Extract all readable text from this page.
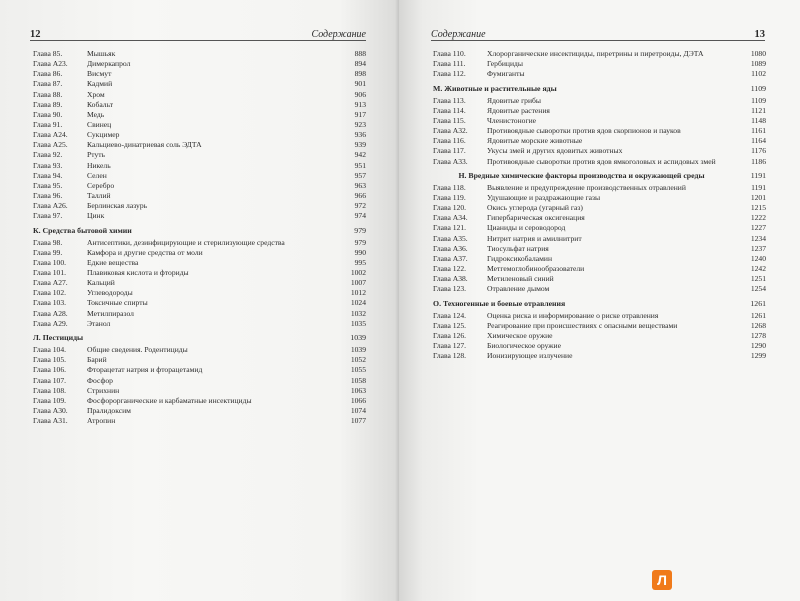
12	Содержание
Глава 85.	Мышьяк	888
Глава А23.	Димеркапрол	894
Глава 86.	Висмут	898
Глава 87.	Кадмий	901
Глава 88.	Хром	906
Глава 89.	Кобальт	913
Глава 90.	Медь	917
Глава 91.	Свинец	923
Глава А24.	Сукцимер	936
Глава А25.	Кальциево-динатриевая соль ЭДТА	939
Глава 92.	Ртуть	942
Глава 93.	Никель	951
Глава 94.	Селен	957
Глава 95.	Серебро	963
Глава 96.	Таллий	966
Глава А26.	Берлинская лазурь	972
Глава 97.	Цинк	974
К. Средства бытовой химии	979
Глава 98.	Антисептики, дезинфицирующие и стерилизующие средства	979
Глава 99.	Камфора и другие средства от моли	990
Глава 100.	Едкие вещества	995
Глава 101.	Плавиковая кислота и фториды	1002
Глава А27.	Кальций	1007
Глава 102.	Углеводороды	1012
Глава 103.	Токсичные спирты	1024
Глава А28.	Метилпиразол	1032
Глава А29.	Этанол	1035
Л. Пестициды	1039
Глава 104.	Общие сведения. Родентициды	1039
Глава 105.	Барий	1052
Глава 106.	Фторацетат натрия и фторацетамид	1055
Глава 107.	Фосфор	1058
Глава 108.	Стрихнин	1063
Глава 109.	Фосфорорганические и карбаматные инсектициды	1066
Глава А30.	Пралидоксим	1074
Глава А31.	Атропин	1077
Содержание	13
Глава 110.	Хлорорганические инсектициды, пиретрины и пиретроиды, ДЭТА	1080
Глава 111.	Гербициды	1089
Глава 112.	Фумиганты	1102
М. Животные и растительные яды	1109
Глава 113.	Ядовитые грибы	1109
Глава 114.	Ядовитые растения	1121
Глава 115.	Членистоногие	1148
Глава А32.	Противоядные сыворотки против ядов скорпионов и пауков	1161
Глава 116.	Ядовитые морские животные	1164
Глава 117.	Укусы змей и других ядовитых животных	1176
Глава А33.	Противоядные сыворотки против ядов ямкоголовых и аспидовых змей	1186
Н. Вредные химические факторы производства и окружающей среды	1191
Глава 118.	Выявление и предупреждение производственных отравлений	1191
Глава 119.	Удушающие и раздражающие газы	1201
Глава 120.	Окись углерода (угарный газ)	1215
Глава А34.	Гипербарическая оксигенация	1222
Глава 121.	Цианиды и сероводород	1227
Глава А35.	Нитрит натрия и амилнитрит	1234
Глава А36.	Тиосульфат натрия	1237
Глава А37.	Гидроксикобаламин	1240
Глава 122.	Метгемоглобинообразователи	1242
Глава А38.	Метиленовый синий	1251
Глава 123.	Отравление дымом	1254
О. Техногенные и боевые отравления	1261
Глава 124.	Оценка риска и информирование о риске отравления	1261
Глава 125.	Реагирование при происшествиях с опасными веществами	1268
Глава 126.	Химическое оружие	1278
Глава 127.	Биологическое оружие	1290
Глава 128.	Ионизирующее излучение	1299
Л
